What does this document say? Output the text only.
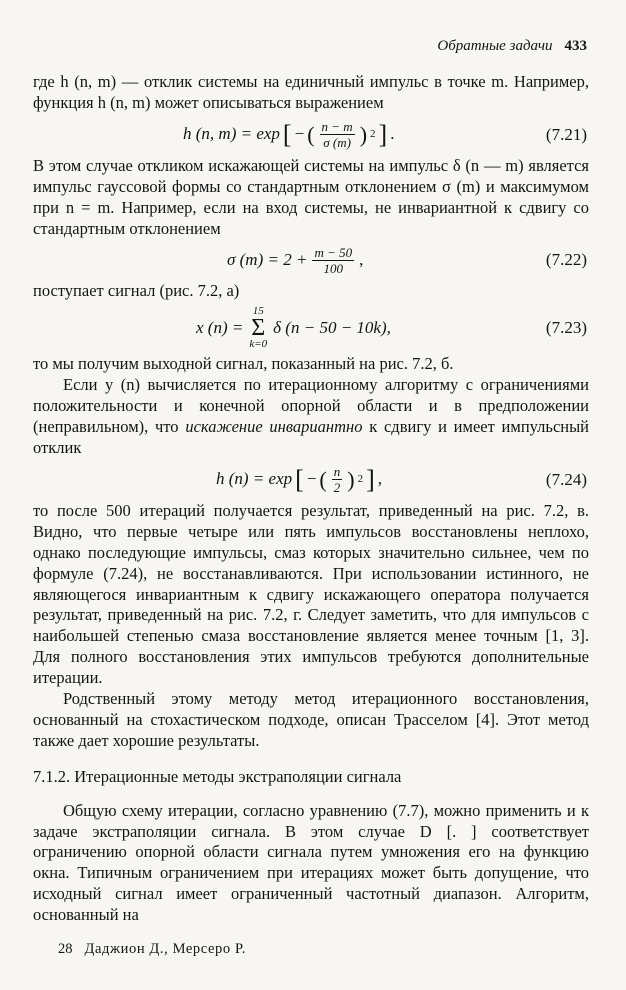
Обратные задачи 433

где h (n, m) — отклик системы на единичный импульс в точке m. Например, функция h (n, m) может описываться выражением

h (n, m) = exp [ − ( $\frac{n - m}{\sigma (m)}$ ) 2 ] .	(7.21)

В этом случае откликом искажающей системы на импульс δ (n — m) является импульс гауссовой формы со стандартным отклонением σ (m) и максимумом при n = m. Например, если на вход системы, не инвариантной к сдвигу со стандартным отклонением

σ $(m) = 2 + \frac{m - 50}{100}$ ,	(7.22)

поступает сигнал (рис. 7.2, a)

x (n) =
15
Σ
k=0
δ (n − 50 − 10k),	(7.23)

то мы получим выходной сигнал, показанный на рис. 7.2, б.

Если y (n) вычисляется по итерационному алгоритму с ограничениями положительности и конечной опорной области и в предположении (неправильном), что искажение инвариантно к сдвигу и имеет импульсный отклик

h (n) = exp [ − ( $\frac{n}{2}$ ) 2 ] ,	(7.24)

то после 500 итераций получается результат, приведенный на рис. 7.2, в. Видно, что первые четыре или пять импульсов восстановлены неплохо, однако последующие импульсы, смаз которых значительно сильнее, чем по формуле (7.24), не восстанавливаются. При использовании истинного, не являющегося инвариантным к сдвигу искажающего оператора получается результат, приведенный на рис. 7.2, г. Следует заметить, что для импульсов с наибольшей степенью смаза восстановление является менее точным [1, 3]. Для полного восстановления этих импульсов требуются дополнительные итерации.

Родственный этому методу метод итерационного восстановления, основанный на стохастическом подходе, описан Трасселом [4]. Этот метод также дает хорошие результаты.

7.1.2. Итерационные методы экстраполяции сигнала

Общую схему итерации, согласно уравнению (7.7), можно применить и к задаче экстраполяции сигнала. В этом случае D [. ] соответствует ограничению опорной области сигнала путем умножения его на функцию окна. Типичным ограничением при итерациях может быть допущение, что исходный сигнал имеет ограниченный частотный диапазон. Алгоритм, основанный на

28 Даджион Д., Мерсеро Р.
